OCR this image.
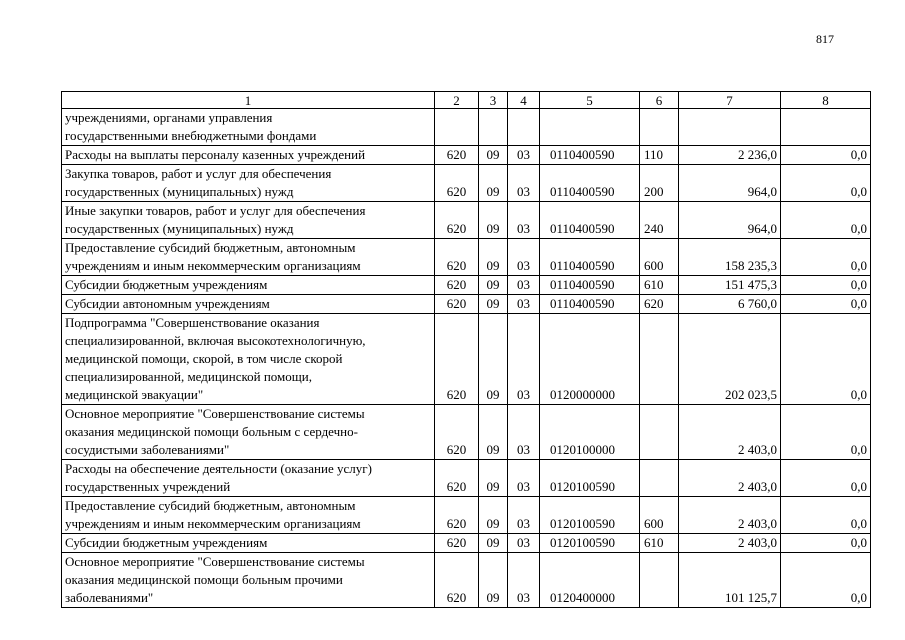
817
1	2	3	4	5	6	7	8

учреждениями, органами управления
государственными внебюджетными фондами							

Расходы на выплаты персоналу казенных учреждений	620	09	03	0110400590	110	2 236,0	0,0

Закупка товаров, работ и услуг для обеспечения
государственных (муниципальных) нужд	620	09	03	0110400590	200	964,0	0,0

Иные закупки товаров, работ и услуг для обеспечения
государственных (муниципальных) нужд	620	09	03	0110400590	240	964,0	0,0

Предоставление субсидий бюджетным, автономным
учреждениям и иным некоммерческим организациям	620	09	03	0110400590	600	158 235,3	0,0

Субсидии бюджетным учреждениям	620	09	03	0110400590	610	151 475,3	0,0

Субсидии автономным учреждениям	620	09	03	0110400590	620	6 760,0	0,0

Подпрограмма "Совершенствование оказания
специализированной, включая высокотехнологичную,
медицинской помощи, скорой, в том числе скорой
специализированной, медицинской помощи,
медицинской эвакуации"	620	09	03	0120000000		202 023,5	0,0

Основное мероприятие "Совершенствование системы
оказания медицинской помощи больным с сердечно-
сосудистыми заболеваниями"	620	09	03	0120100000		2 403,0	0,0

Расходы на обеспечение деятельности (оказание услуг)
государственных учреждений	620	09	03	0120100590		2 403,0	0,0

Предоставление субсидий бюджетным, автономным
учреждениям и иным некоммерческим организациям	620	09	03	0120100590	600	2 403,0	0,0

Субсидии бюджетным учреждениям	620	09	03	0120100590	610	2 403,0	0,0

Основное мероприятие "Совершенствование системы
оказания медицинской помощи больным прочими
заболеваниями"	620	09	03	0120400000		101 125,7	0,0
